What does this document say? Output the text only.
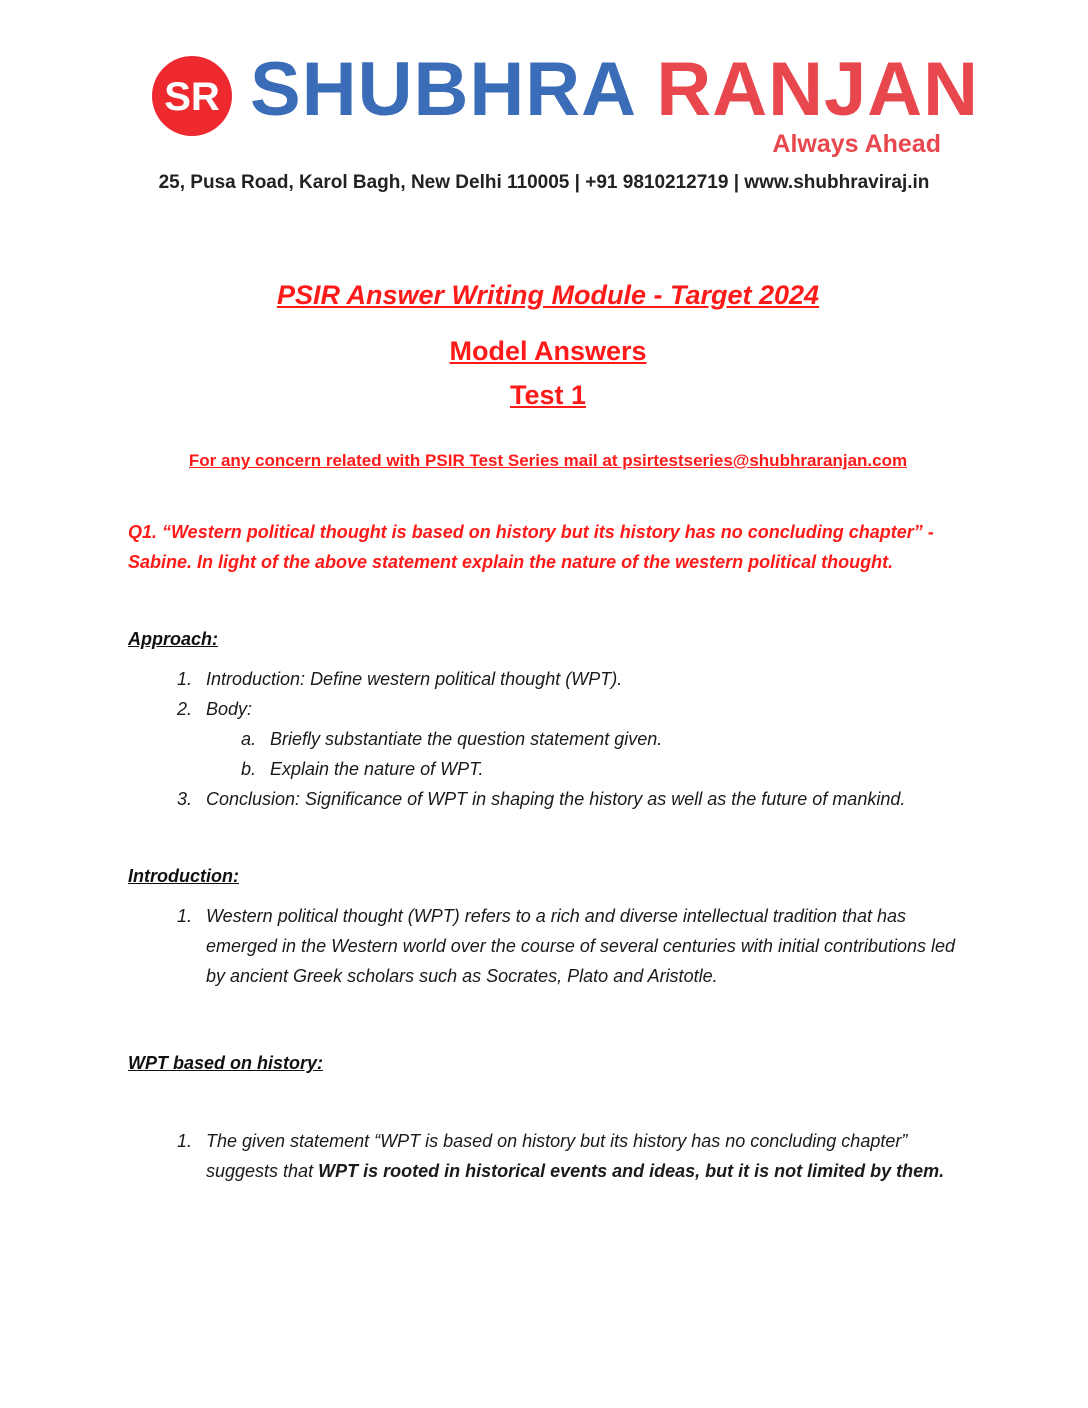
SR SHUBHRA RANJAN
Always Ahead
25, Pusa Road, Karol Bagh, New Delhi 110005 | +91 9810212719 | www.shubhraviraj.in

PSIR Answer Writing Module - Target 2024

Model Answers

Test 1

For any concern related with PSIR Test Series mail at psirtestseries@shubhraranjan.com
Q1. “Western political thought is based on history but its history has no concluding chapter” - Sabine. In light of the above statement explain the nature of the western political thought.
Approach:
1. Introduction: Define western political thought (WPT).
2. Body:
a. Briefly substantiate the question statement given.
b. Explain the nature of WPT.
3. Conclusion: Significance of WPT in shaping the history as well as the future of mankind.
Introduction:
1. Western political thought (WPT) refers to a rich and diverse intellectual tradition that has emerged in the Western world over the course of several centuries with initial contributions led by ancient Greek scholars such as Socrates, Plato and Aristotle.
WPT based on history:
1. The given statement “WPT is based on history but its history has no concluding chapter” suggests that WPT is rooted in historical events and ideas, but it is not limited by them.
